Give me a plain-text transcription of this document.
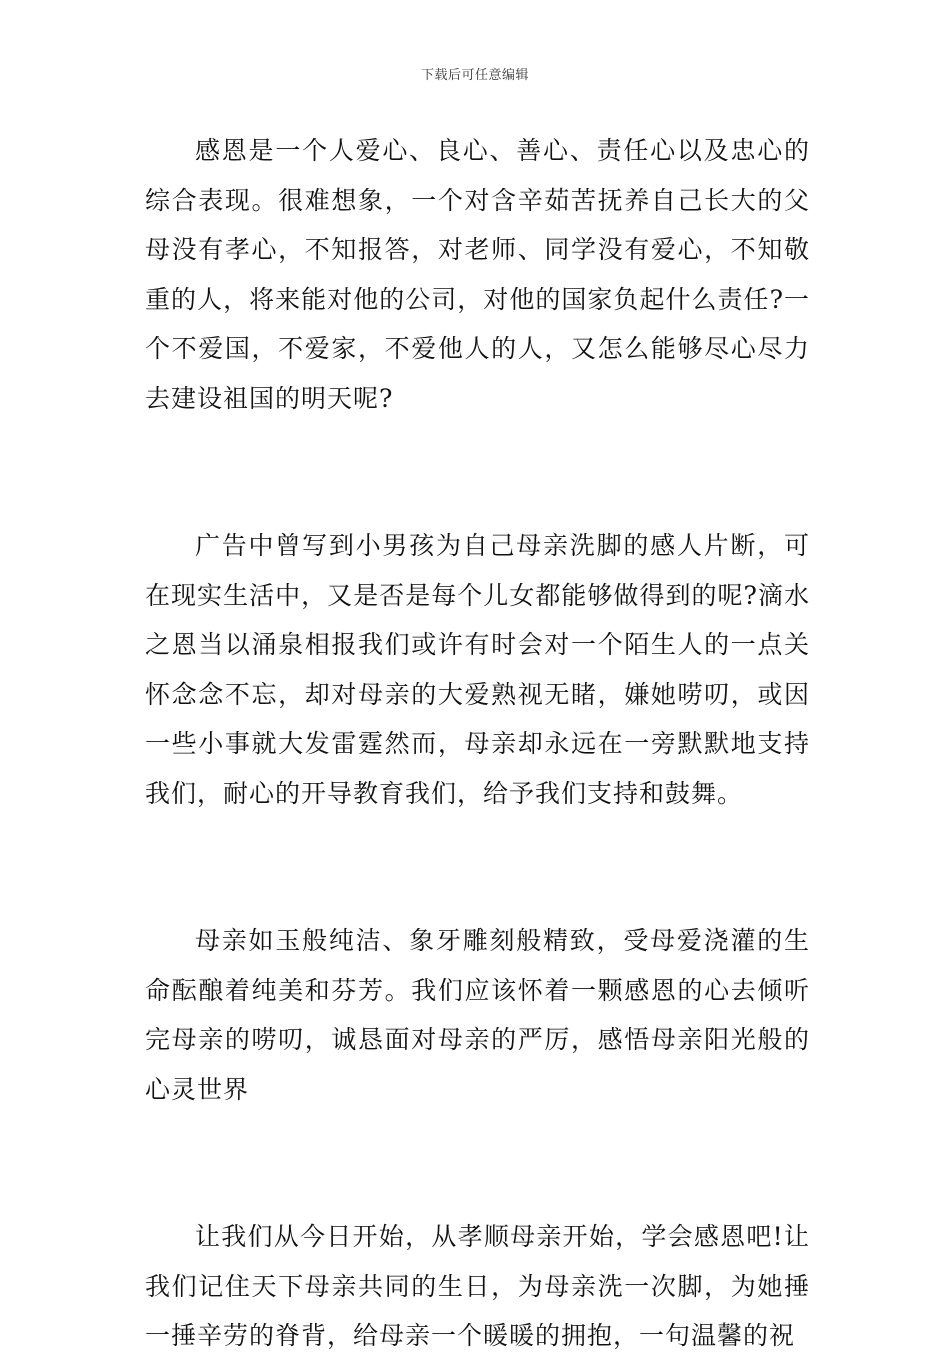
下载后可任意编辑

感恩是一个人爱心、良心、善心、责任心以及忠心的综合表现。很难想象，一个对含辛茹苦抚养自己长大的父母没有孝心，不知报答，对老师、同学没有爱心，不知敬重的人，将来能对他的公司，对他的国家负起什么责任?一个不爱国，不爱家，不爱他人的人，又怎么能够尽心尽力去建设祖国的明天呢?

广告中曾写到小男孩为自己母亲洗脚的感人片断，可在现实生活中，又是否是每个儿女都能够做得到的呢?滴水之恩当以涌泉相报我们或许有时会对一个陌生人的一点关怀念念不忘，却对母亲的大爱熟视无睹，嫌她唠叨，或因一些小事就大发雷霆然而，母亲却永远在一旁默默地支持我们，耐心的开导教育我们，给予我们支持和鼓舞。

母亲如玉般纯洁、象牙雕刻般精致，受母爱浇灌的生命酝酿着纯美和芬芳。我们应该怀着一颗感恩的心去倾听完母亲的唠叨，诚恳面对母亲的严厉，感悟母亲阳光般的心灵世界

让我们从今日开始，从孝顺母亲开始，学会感恩吧!让我们记住天下母亲共同的生日，为母亲洗一次脚，为她捶一捶辛劳的脊背，给母亲一个暖暖的拥抱，一句温馨的祝
